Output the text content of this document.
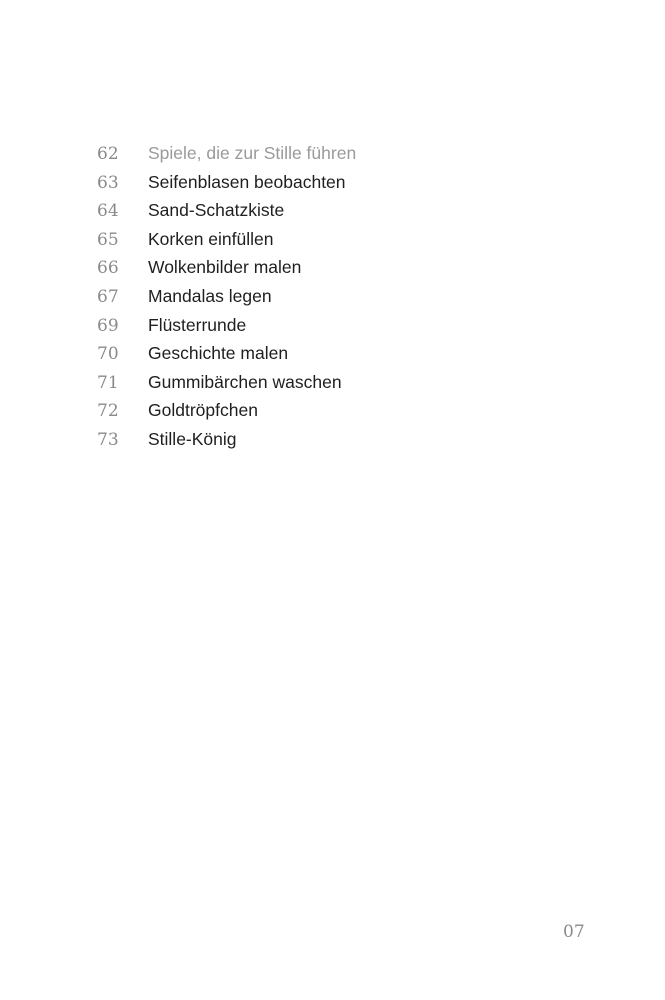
62	Spiele, die zur Stille führen
63	Seifenblasen beobachten
64	Sand-Schatzkiste
65	Korken einfüllen
66	Wolkenbilder malen
67	Mandalas legen
69	Flüsterrunde
70	Geschichte malen
71	Gummibärchen waschen
72	Goldtröpfchen
73	Stille-König
07
